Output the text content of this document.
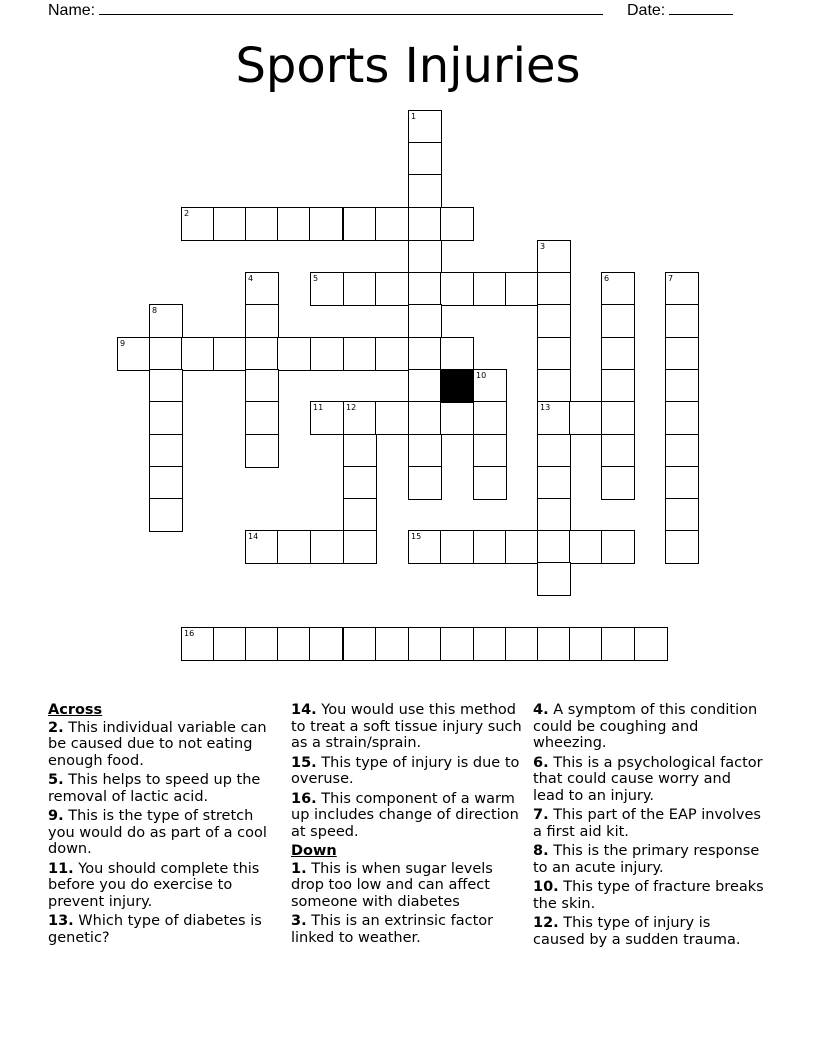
Name:	Date:
Sports Injuries
1
2
3
4	5	6	7
8
9
10
11	12	13
14	15
16
Across
2. This individual variable can be caused due to not eating enough food.
5. This helps to speed up the removal of lactic acid.
9. This is the type of stretch you would do as part of a cool down.
11. You should complete this before you do exercise to prevent injury.
13. Which type of diabetes is genetic?
14. You would use this method to treat a soft tissue injury such as a strain/sprain.
15. This type of injury is due to overuse.
16. This component of a warm up includes change of direction at speed.
Down
1. This is when sugar levels drop too low and can affect someone with diabetes
3. This is an extrinsic factor linked to weather.
4. A symptom of this condition could be coughing and wheezing.
6. This is a psychological factor that could cause worry and lead to an injury.
7. This part of the EAP involves a first aid kit.
8. This is the primary response to an acute injury.
10. This type of fracture breaks the skin.
12. This type of injury is caused by a sudden trauma.
